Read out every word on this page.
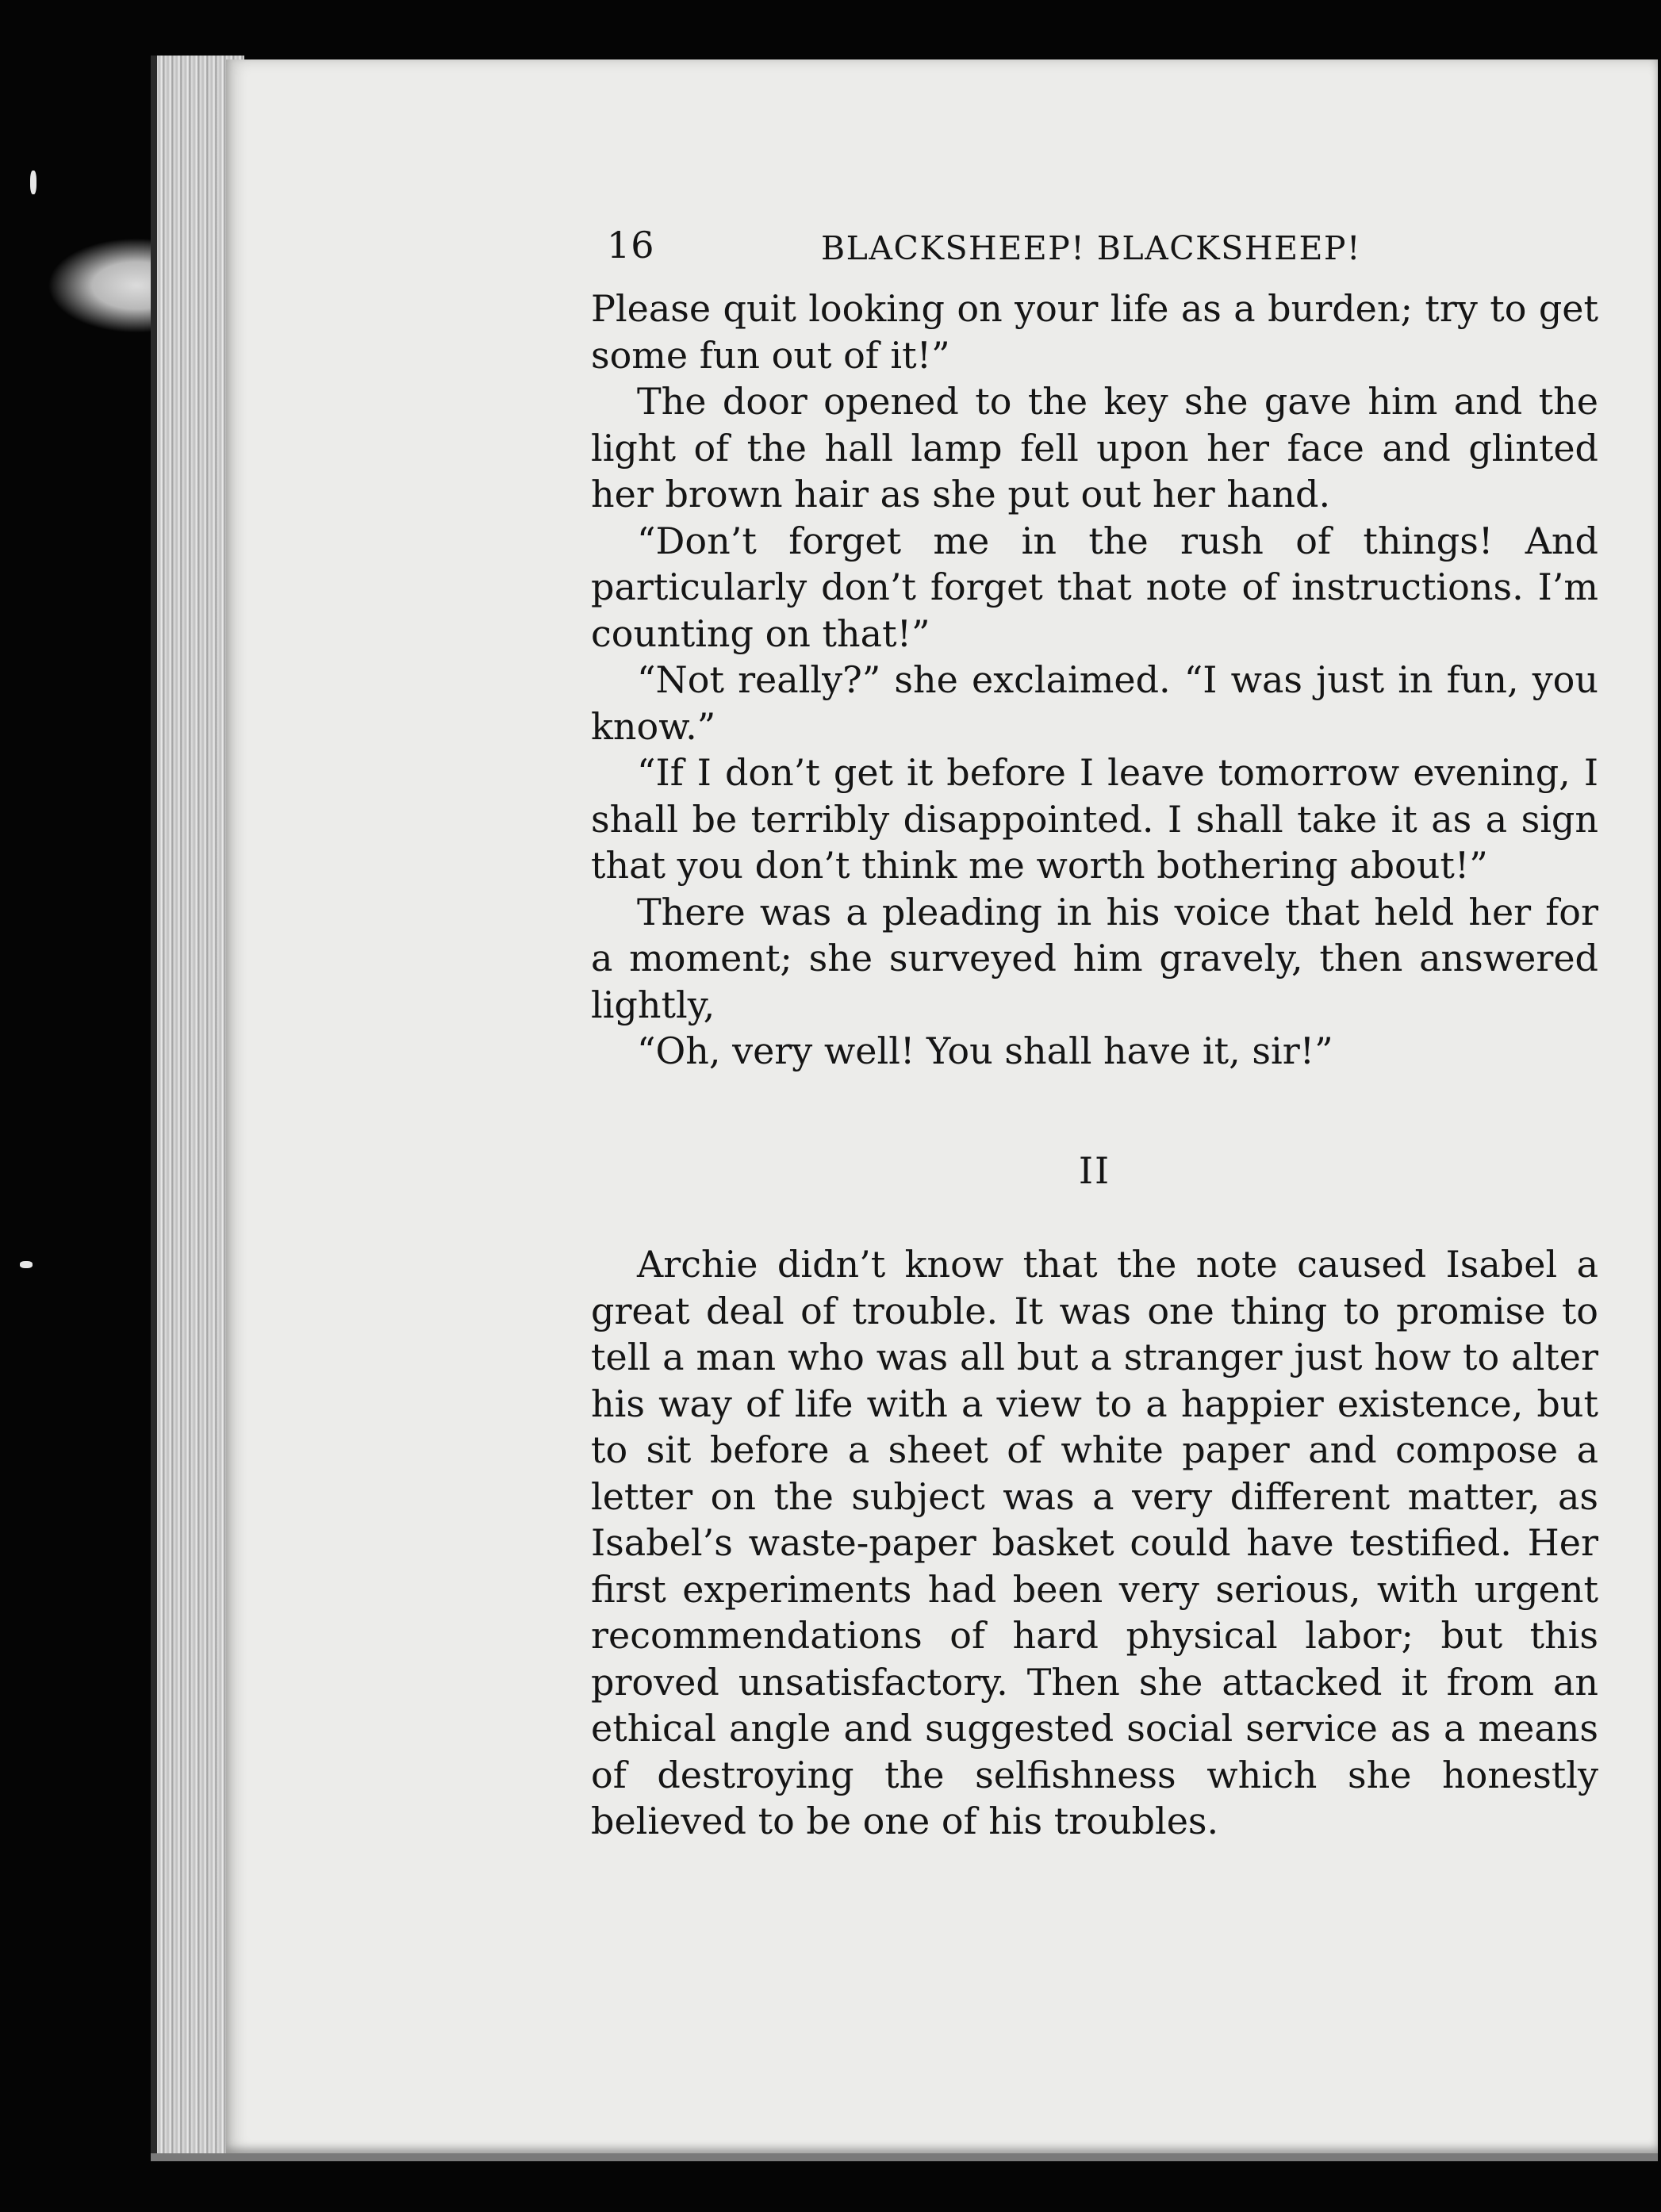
16	BLACKSHEEP! BLACKSHEEP!

Please quit looking on your life as a burden; try to get some fun out of it!”

The door opened to the key she gave him and the light of the hall lamp fell upon her face and glinted her brown hair as she put out her hand.

“Don’t forget me in the rush of things! And particularly don’t forget that note of instructions. I’m counting on that!”

“Not really?” she exclaimed. “I was just in fun, you know.”

“If I don’t get it before I leave tomorrow evening, I shall be terribly disappointed. I shall take it as a sign that you don’t think me worth bothering about!”

There was a pleading in his voice that held her for a moment; she surveyed him gravely, then answered lightly,

“Oh, very well! You shall have it, sir!”

II

Archie didn’t know that the note caused Isabel a great deal of trouble. It was one thing to promise to tell a man who was all but a stranger just how to alter his way of life with a view to a happier existence, but to sit before a sheet of white paper and compose a letter on the subject was a very different matter, as Isabel’s waste-paper basket could have testified. Her first experiments had been very serious, with urgent recommendations of hard physical labor; but this proved unsatisfactory. Then she attacked it from an ethical angle and suggested social service as a means of destroying the selfishness which she honestly believed to be one of his troubles.
